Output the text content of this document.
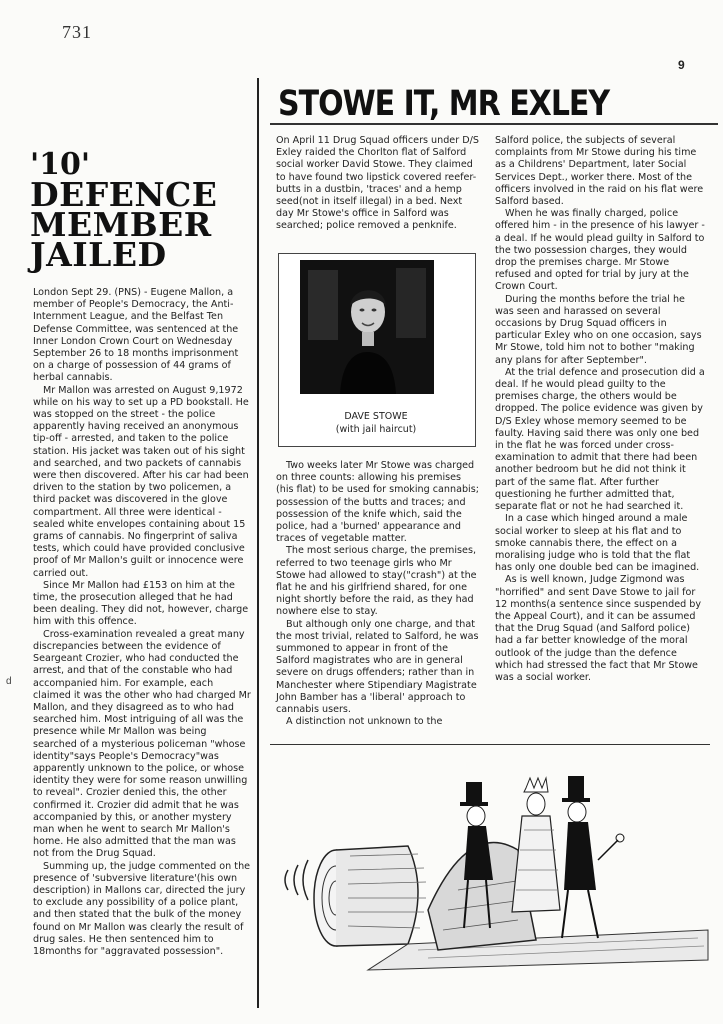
731
9
d
'10'
DEFENCE
MEMBER
JAILED

London Sept 29. (PNS) - Eugene Mallon, a member of People's Democracy, the Anti-Internment League, and the Belfast Ten Defense Committee, was sentenced at the Inner London Crown Court on Wednesday September 26 to 18 months imprisonment on a charge of possession of 44 grams of herbal cannabis.

Mr Mallon was arrested on August 9,1972 while on his way to set up a PD bookstall. He was stopped on the street - the police apparently having received an anonymous tip-off - arrested, and taken to the police station. His jacket was taken out of his sight and searched, and two packets of cannabis were then discovered. After his car had been driven to the station by two policemen, a third packet was discovered in the glove compartment. All three were identical - sealed white envelopes containing about 15 grams of cannabis. No fingerprint of saliva tests, which could have provided conclusive proof of Mr Mallon's guilt or innocence were carried out.

Since Mr Mallon had £153 on him at the time, the prosecution alleged that he had been dealing. They did not, however, charge him with this offence.

Cross-examination revealed a great many discrepancies between the evidence of Seargeant Crozier, who had conducted the arrest, and that of the constable who had accompanied him. For example, each claimed it was the other who had charged Mr Mallon, and they disagreed as to who had searched him. Most intriguing of all was the presence while Mr Mallon was being searched of a mysterious policeman "whose identity"says People's Democracy"was apparently unknown to the police, or whose identity they were for some reason unwilling to reveal". Crozier denied this, the other confirmed it. Crozier did admit that he was accompanied by this, or another mystery man when he went to search Mr Mallon's home. He also admitted that the man was not from the Drug Squad.

Summing up, the judge commented on the presence of 'subversive literature'(his own description) in Mallons car, directed the jury to exclude any possibility of a police plant, and then stated that the bulk of the money found on Mr Mallon was clearly the result of drug sales. He then sentenced him to 18months for "aggravated possession".

STOWE IT, MR EXLEY

On April 11 Drug Squad officers under D/S Exley raided the Chorlton flat of Salford social worker David Stowe. They claimed to have found two lipstick covered reefer-butts in a dustbin, 'traces' and a hemp seed(not in itself illegal) in a bed. Next day Mr Stowe's office in Salford was searched; police removed a penknife.

DAVE STOWE
(with jail haircut)

Two weeks later Mr Stowe was charged on three counts: allowing his premises (his flat) to be used for smoking cannabis; possession of the butts and traces; and possession of the knife which, said the police, had a 'burned' appearance and traces of vegetable matter.

The most serious charge, the premises, referred to two teenage girls who Mr Stowe had allowed to stay("crash") at the flat he and his girlfriend shared, for one night shortly before the raid, as they had nowhere else to stay.

But although only one charge, and that the most trivial, related to Salford, he was summoned to appear in front of the Salford magistrates who are in general severe on drugs offenders; rather than in Manchester where Stipendiary Magistrate John Bamber has a 'liberal' approach to cannabis users.

A distinction not unknown to the

Salford police, the subjects of several complaints from Mr Stowe during his time as a Childrens' Department, later Social Services Dept., worker there. Most of the officers involved in the raid on his flat were Salford based.

When he was finally charged, police offered him - in the presence of his lawyer - a deal. If he would plead guilty in Salford to the two possession charges, they would drop the premises charge. Mr Stowe refused and opted for trial by jury at the Crown Court.

During the months before the trial he was seen and harassed on several occasions by Drug Squad officers in particular Exley who on one occasion, says Mr Stowe, told him not to bother "making any plans for after September".

At the trial defence and prosecution did a deal. If he would plead guilty to the premises charge, the others would be dropped. The police evidence was given by D/S Exley whose memory seemed to be faulty. Having said there was only one bed in the flat he was forced under cross-examination to admit that there had been another bedroom but he did not think it part of the same flat. After further questioning he further admitted that, separate flat or not he had searched it.

In a case which hinged around a male social worker to sleep at his flat and to smoke cannabis there, the effect on a moralising judge who is told that the flat has only one double bed can be imagined.

As is well known, Judge Zigmond was "horrified" and sent Dave Stowe to jail for 12 months(a sentence since suspended by the Appeal Court), and it can be assumed that the Drug Squad (and Salford police) had a far better knowledge of the moral outlook of the judge than the defence which had stressed the fact that Mr Stowe was a social worker.
